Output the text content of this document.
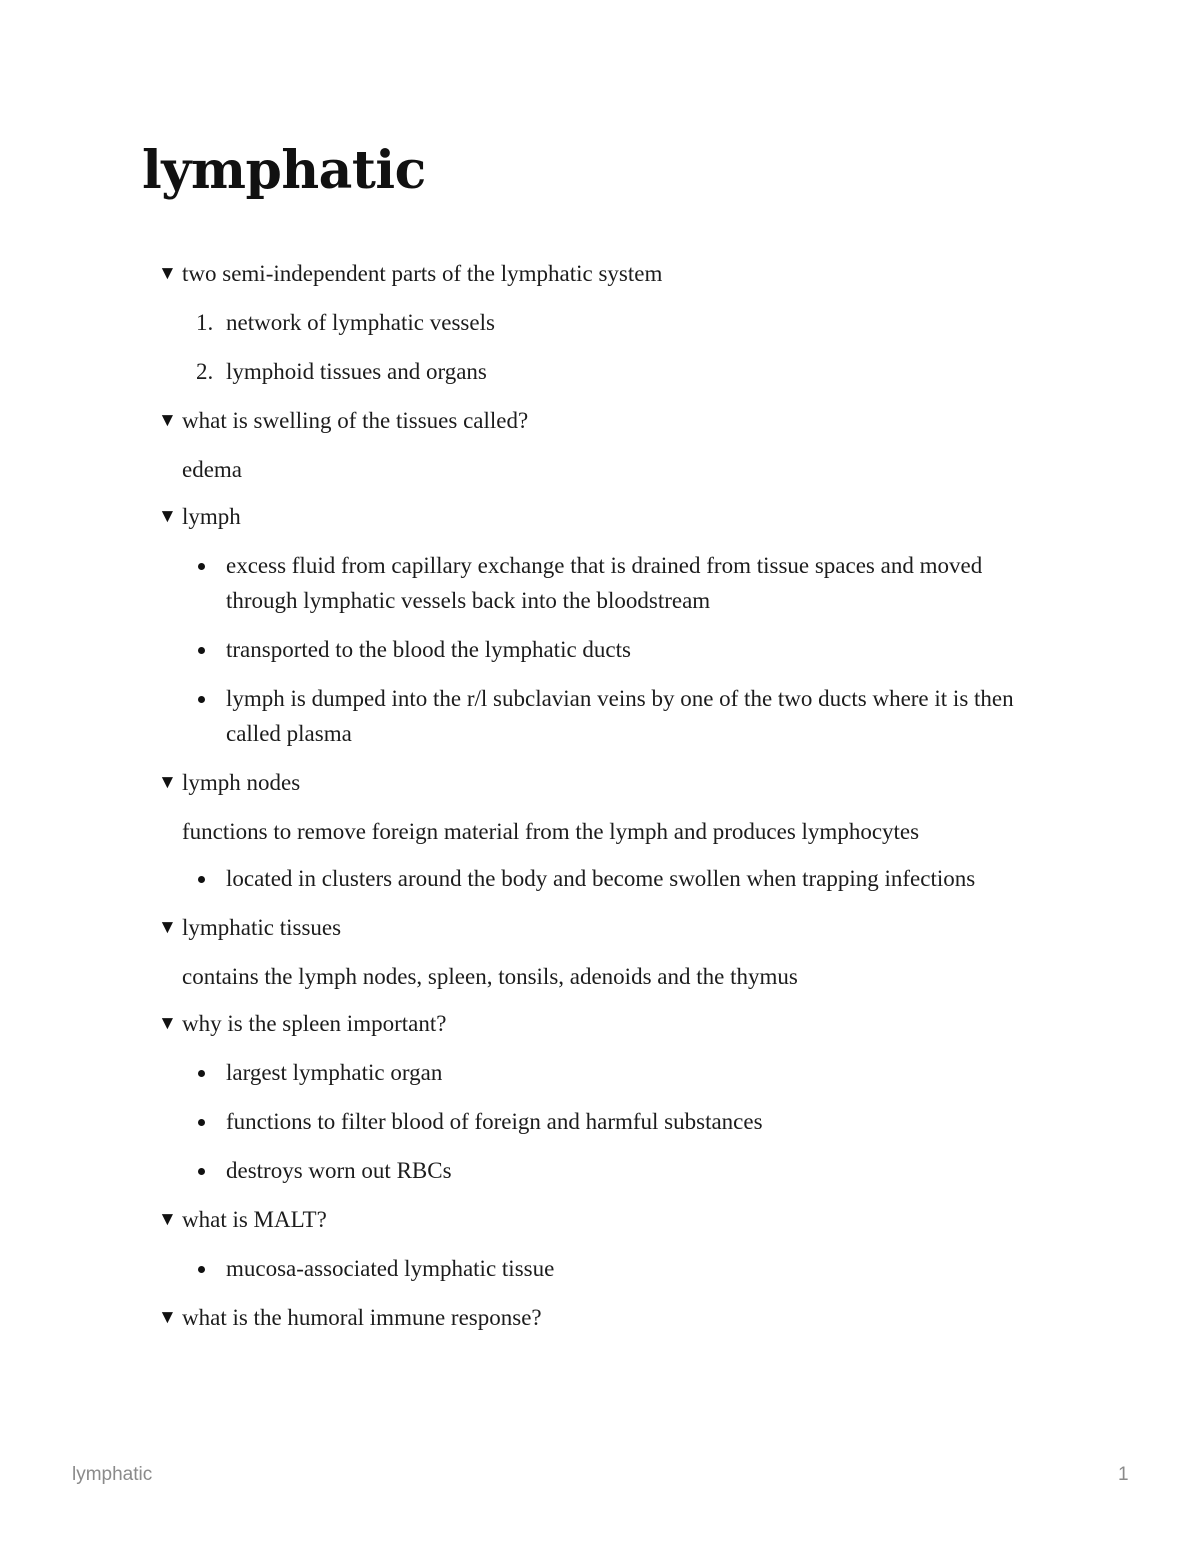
lymphatic
▼ two semi-independent parts of the lymphatic system
1. network of lymphatic vessels
2. lymphoid tissues and organs
▼ what is swelling of the tissues called?
edema
▼ lymph
excess fluid from capillary exchange that is drained from tissue spaces and moved through lymphatic vessels back into the bloodstream
transported to the blood the lymphatic ducts
lymph is dumped into the r/l subclavian veins by one of the two ducts where it is then called plasma
▼ lymph nodes
functions to remove foreign material from the lymph and produces lymphocytes
located in clusters around the body and become swollen when trapping infections
▼ lymphatic tissues
contains the lymph nodes, spleen, tonsils, adenoids and the thymus
▼ why is the spleen important?
largest lymphatic organ
functions to filter blood of foreign and harmful substances
destroys worn out RBCs
▼ what is MALT?
mucosa-associated lymphatic tissue
▼ what is the humoral immune response?
lymphatic	1
